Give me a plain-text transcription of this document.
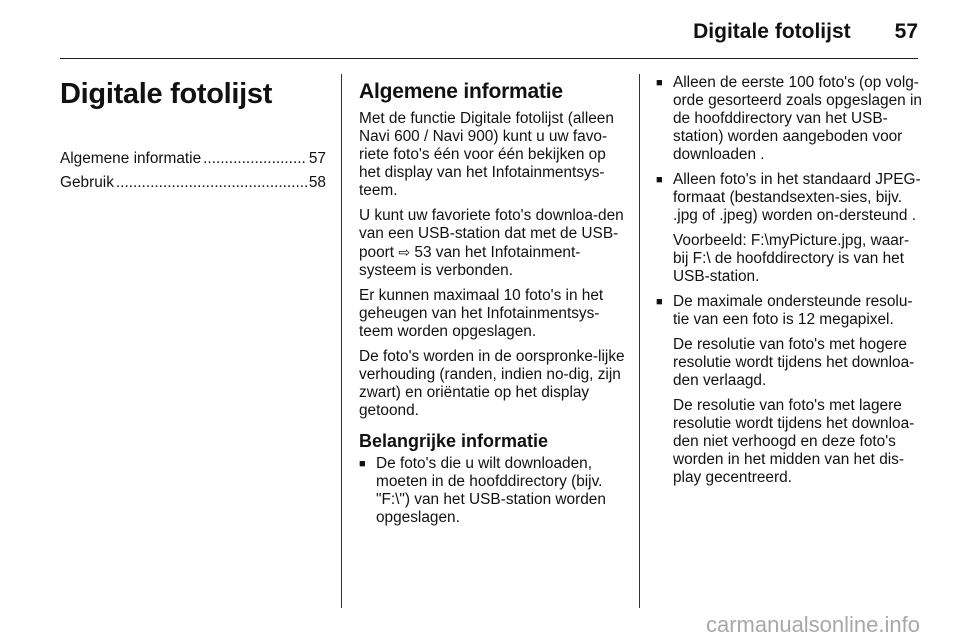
Digitale fotolijst 57
Digitale fotolijst
Algemene informatie .....	57
Gebruik .....	58
Algemene informatie

Met de functie Digitale fotolijst (alleen Navi 600 / Navi 900) kunt u uw favo-riete foto's één voor één bekijken op het display van het Infotainmentsys-teem.

U kunt uw favoriete foto's downloa-den van een USB-station dat met de USB-poort ⇨ 53 van het Infotainment-systeem is verbonden.

Er kunnen maximaal 10 foto's in het geheugen van het Infotainmentsys-teem worden opgeslagen.

De foto's worden in de oorspronke-lijke verhouding (randen, indien no-dig, zijn zwart) en oriëntatie op het display getoond.

Belangrijke informatie
■ De foto's die u wilt downloaden, moeten in de hoofddirectory (bijv. "F:\") van het USB-station worden opgeslagen.
■ Alleen de eerste 100 foto's (op volg-orde gesorteerd zoals opgeslagen in de hoofddirectory van het USB-station) worden aangeboden voor downloaden .
■ Alleen foto's in het standaard JPEG-formaat (bestandsexten-sies, bijv. .jpg of .jpeg) worden on-dersteund .

Voorbeeld: F:\myPicture.jpg, waar-bij F:\ de hoofddirectory is van het USB-station.

■ De maximale ondersteunde resolu-tie van een foto is 12 megapixel.

De resolutie van foto's met hogere resolutie wordt tijdens het downloa-den verlaagd.

De resolutie van foto's met lagere resolutie wordt tijdens het downloa-den niet verhoogd en deze foto's worden in het midden van het dis-play gecentreerd.

carmanualsonline.info
